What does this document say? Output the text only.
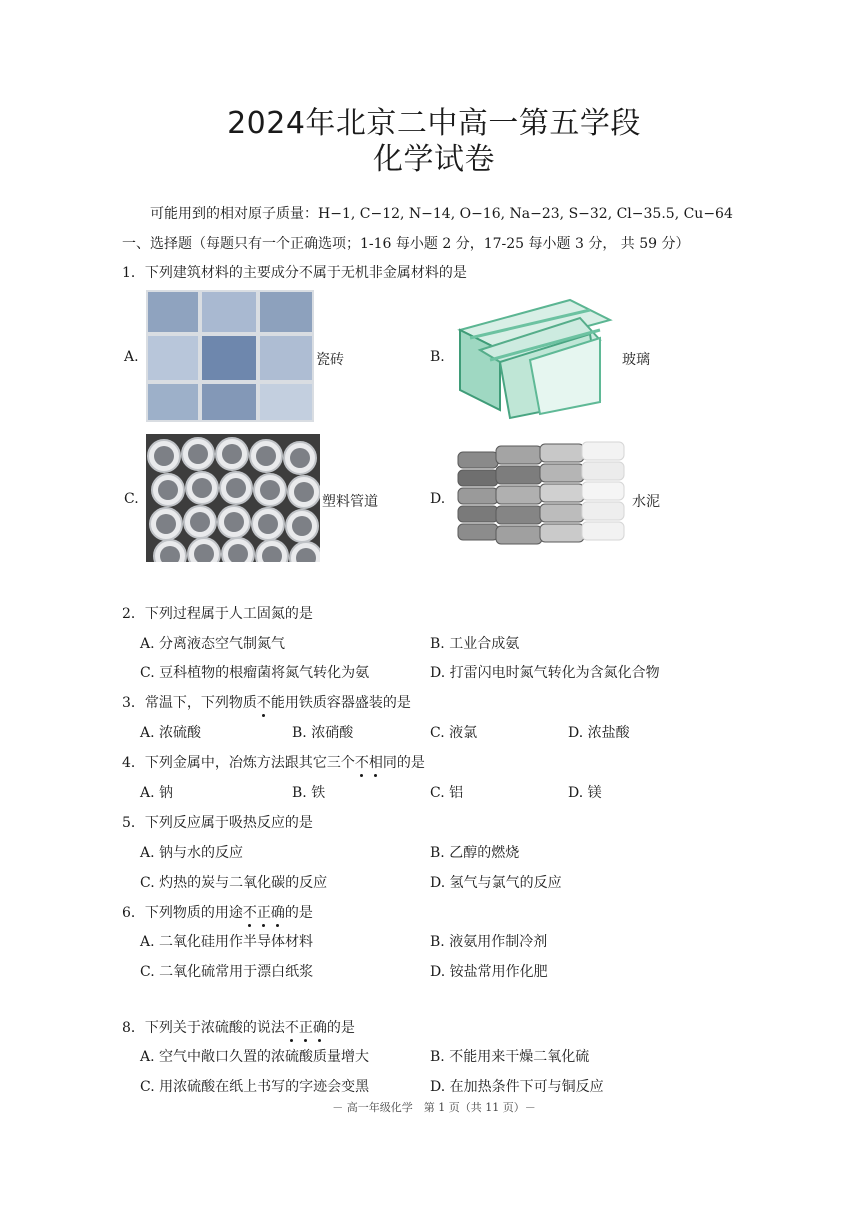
2024年北京二中高一第五学段
化学试卷
可能用到的相对原子质量：H−1, C−12, N−14, O−16, Na−23, S−32, Cl−35.5, Cu−64
一、选择题（每题只有一个正确选项；1-16 每小题 2 分，17-25 每小题 3 分， 共 59 分）
1．下列建筑材料的主要成分不属于无机非金属材料的是
A.	瓷砖	B.	玻璃
C.	塑料管道	D.	水泥
2．下列过程属于人工固氮的是
A. 分离液态空气制氮气	B. 工业合成氨
C. 豆科植物的根瘤菌将氮气转化为氨	D. 打雷闪电时氮气转化为含氮化合物
3．常温下，下列物质不能用铁质容器盛装的是
A. 浓硫酸	B. 浓硝酸	C. 液氯	D. 浓盐酸
4．下列金属中，冶炼方法跟其它三个不相同的是
A. 钠	B. 铁	C. 铝	D. 镁
5．下列反应属于吸热反应的是
A. 钠与水的反应	B. 乙醇的燃烧
C. 灼热的炭与二氧化碳的反应	D. 氢气与氯气的反应
6．下列物质的用途不正确的是
A. 二氧化硅用作半导体材料	B. 液氨用作制冷剂
C. 二氧化硫常用于漂白纸浆	D. 铵盐常用作化肥
8．下列关于浓硫酸的说法不正确的是
A. 空气中敞口久置的浓硫酸质量增大	B. 不能用来干燥二氧化硫
C. 用浓硫酸在纸上书写的字迹会变黑	D. 在加热条件下可与铜反应
－ 高一年级化学　第 1 页（共 11 页）－
